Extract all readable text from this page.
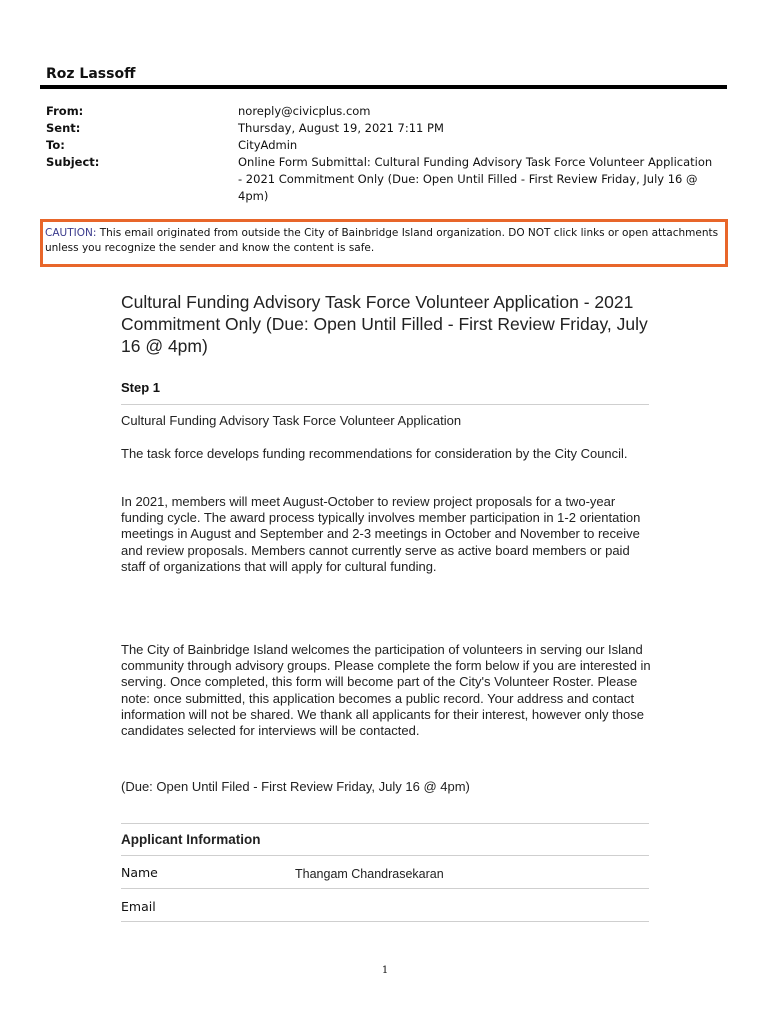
Roz Lassoff
From:	noreply@civicplus.com
Sent:	Thursday, August 19, 2021 7:11 PM
To:	CityAdmin
Subject:	Online Form Submittal: Cultural Funding Advisory Task Force Volunteer Application - 2021 Commitment Only (Due: Open Until Filled - First Review Friday, July 16 @ 4pm)
CAUTION: This email originated from outside the City of Bainbridge Island organization. DO NOT click links or open attachments unless you recognize the sender and know the content is safe.
Cultural Funding Advisory Task Force Volunteer Application - 2021 Commitment Only (Due: Open Until Filled - First Review Friday, July 16 @ 4pm)
Step 1
Cultural Funding Advisory Task Force Volunteer Application
The task force develops funding recommendations for consideration by the City Council.
In 2021, members will meet August-October to review project proposals for a two-year funding cycle. The award process typically involves member participation in 1-2 orientation meetings in August and September and 2-3 meetings in October and November to receive and review proposals. Members cannot currently serve as active board members or paid staff of organizations that will apply for cultural funding.
The City of Bainbridge Island welcomes the participation of volunteers in serving our Island community through advisory groups. Please complete the form below if you are interested in serving. Once completed, this form will become part of the City's Volunteer Roster. Please note: once submitted, this application becomes a public record. Your address and contact information will not be shared. We thank all applicants for their interest, however only those candidates selected for interviews will be contacted.
(Due: Open Until Filed - First Review Friday, July 16 @ 4pm)
Applicant Information
Name	Thangam Chandrasekaran
Email
1
